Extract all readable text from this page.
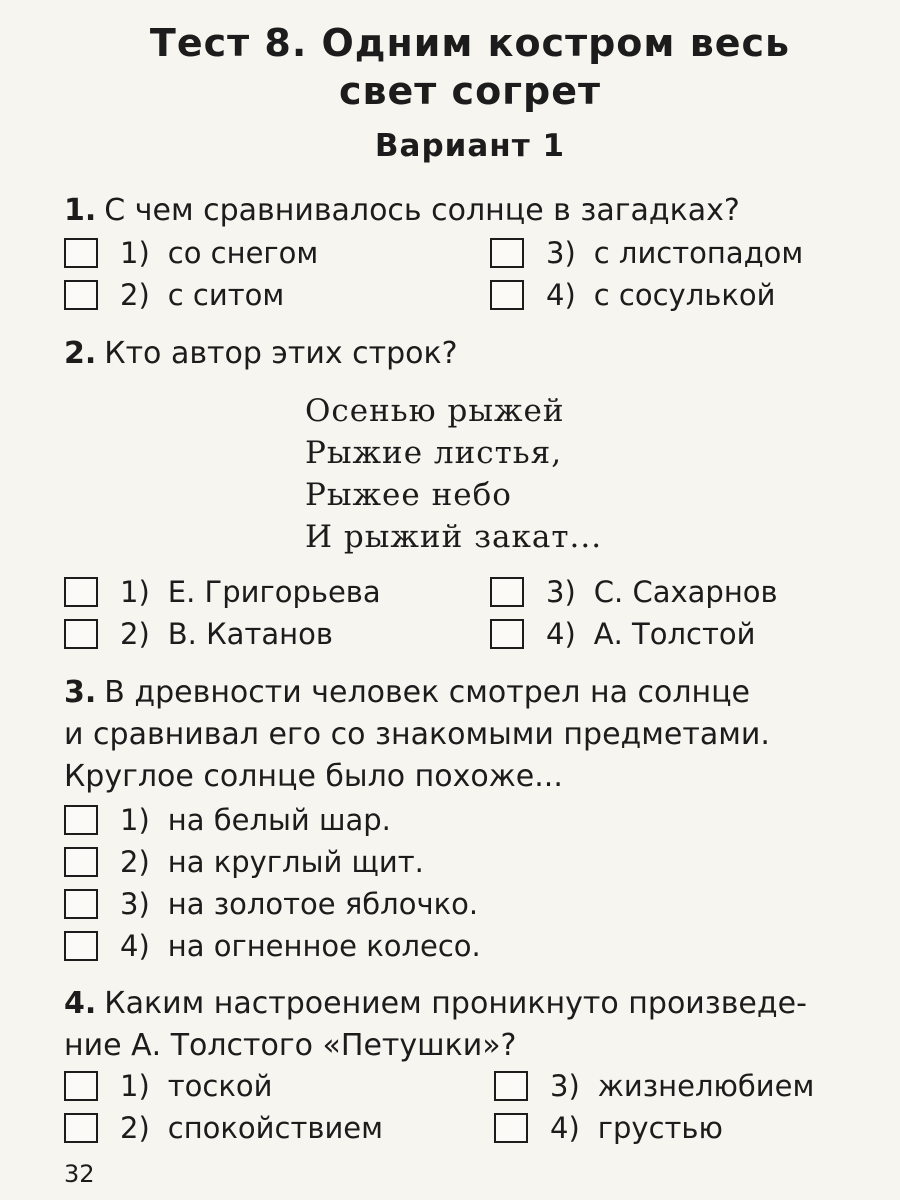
Тест 8. Одним костром весь
свет согрет
Вариант 1
1. С чем сравнивалось солнце в загадках?
1) со снегом
2) с ситом
3) с листопадом
4) с сосулькой
2. Кто автор этих строк?
Осенью рыжей
Рыжие листья,
Рыжее небо
И рыжий закат...
1) Е. Григорьева
2) В. Катанов
3) С. Сахарнов
4) А. Толстой
3. В древности человек смотрел на солнце
и сравнивал его со знакомыми предметами.
Круглое солнце было похоже...
1) на белый шар.
2) на круглый щит.
3) на золотое яблочко.
4) на огненное колесо.
4. Каким настроением проникнуто произведе-
ние А. Толстого «Петушки»?
1) тоской
2) спокойствием
3) жизнелюбием
4) грустью
32
